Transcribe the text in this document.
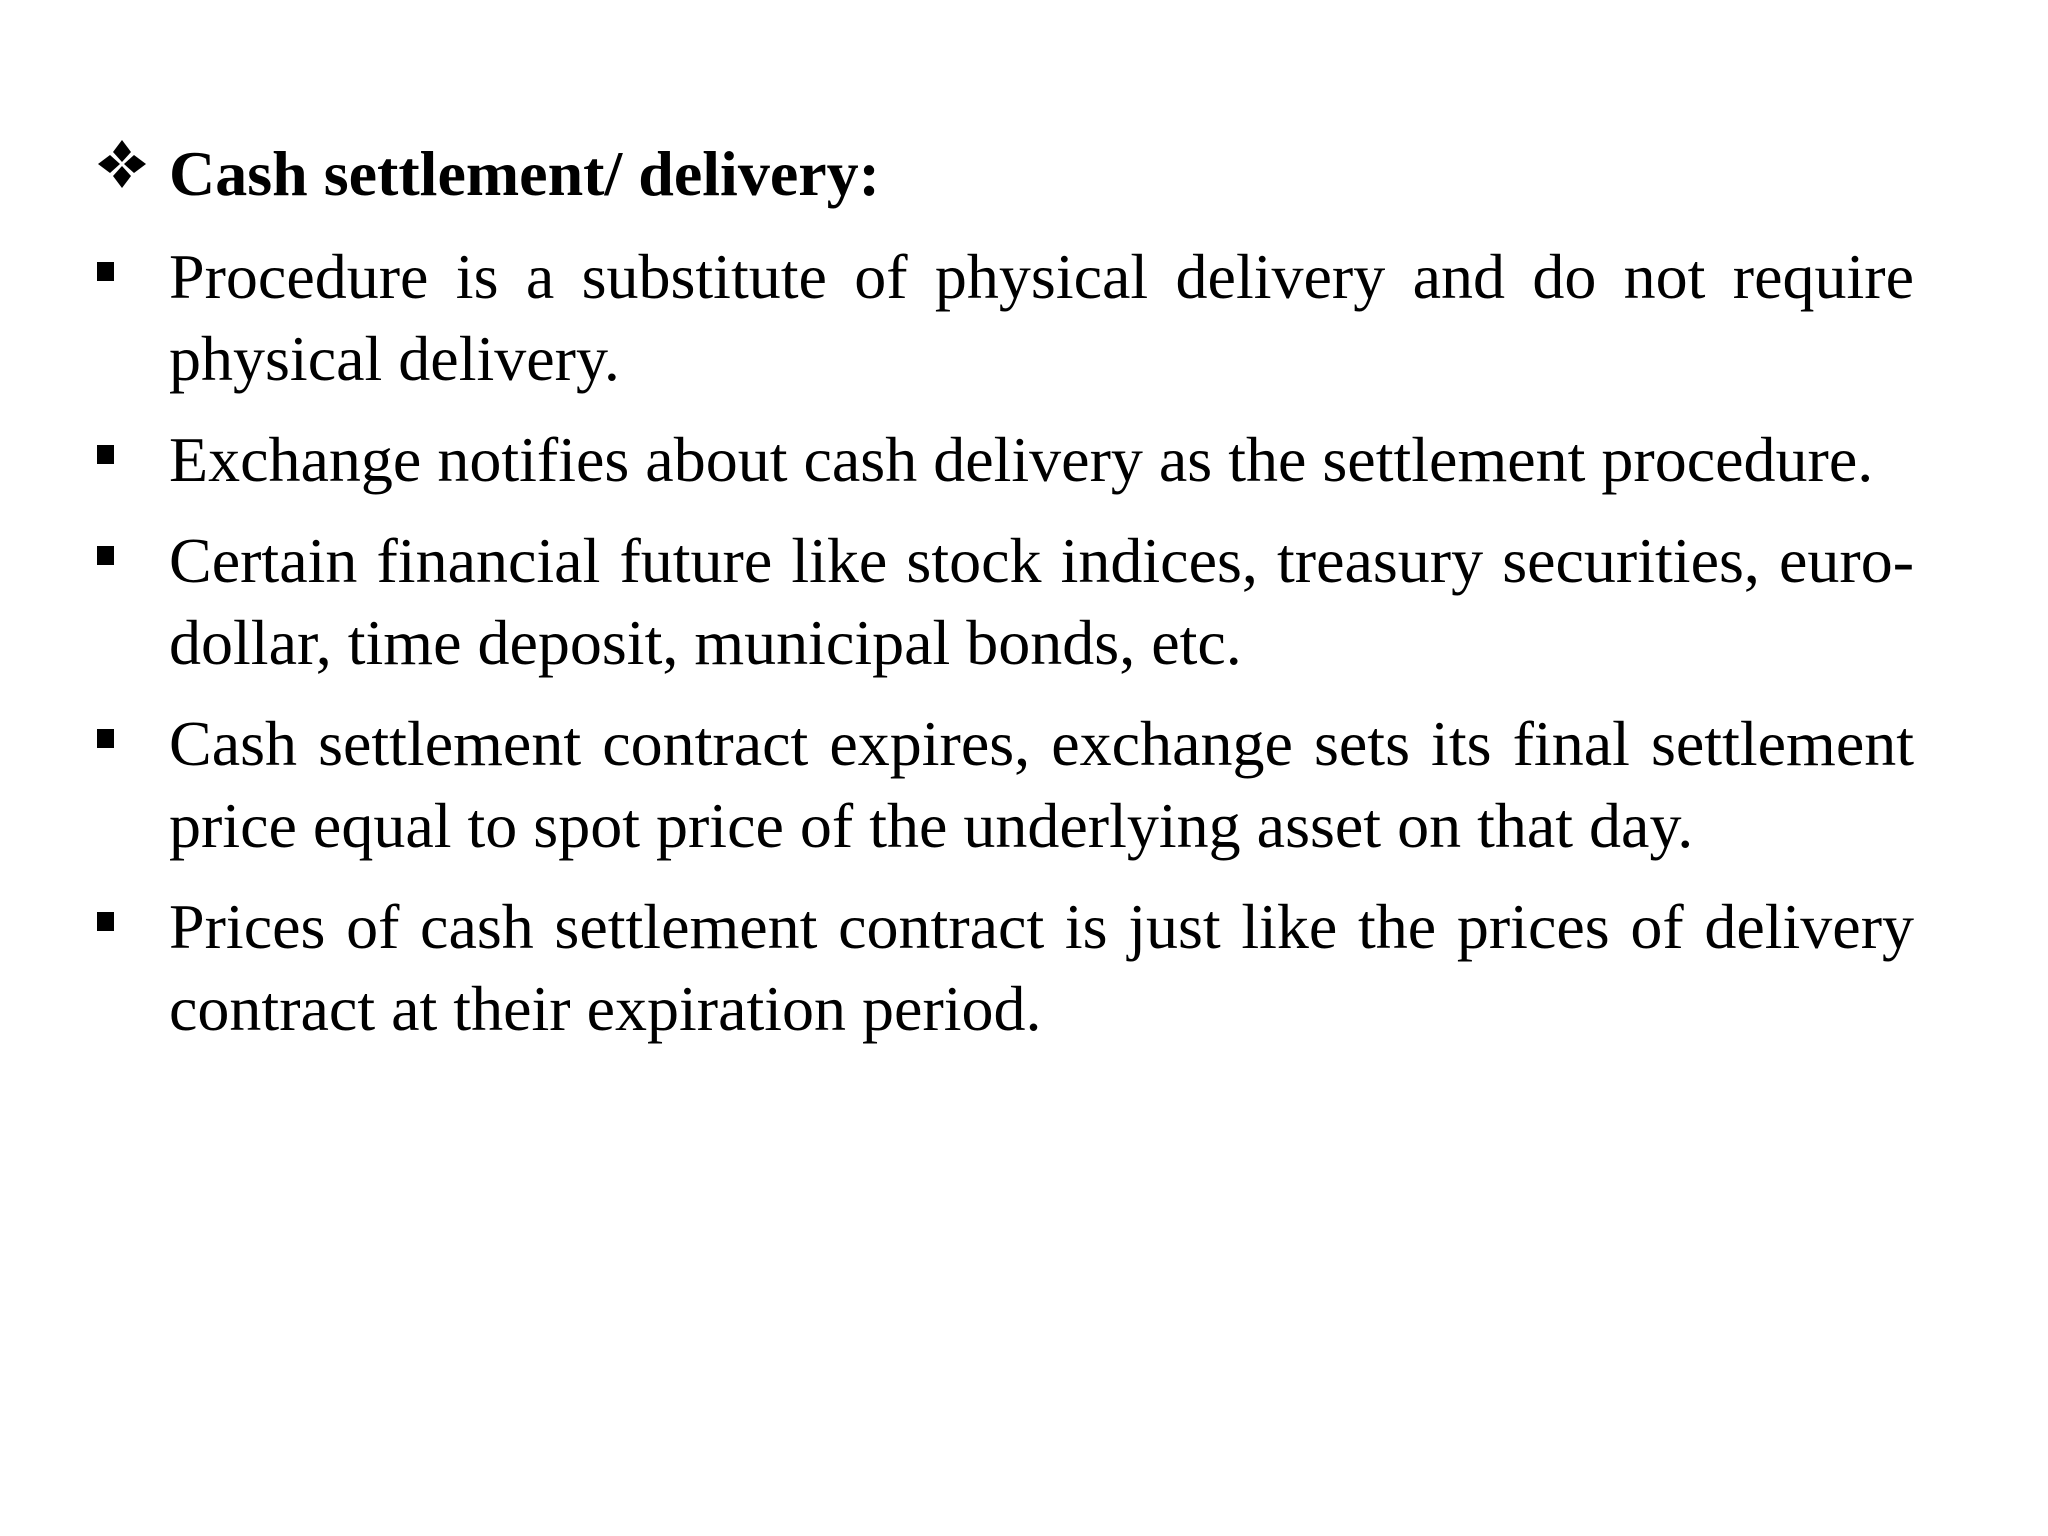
Cash settlement/ delivery:
Procedure is a substitute of physical delivery and do not require physical delivery.
Exchange notifies about cash delivery as the settlement procedure.
Certain financial future like stock indices, treasury securities, euro-dollar, time deposit, municipal bonds, etc.
Cash settlement contract expires, exchange sets its final settlement price equal to spot price of the underlying asset on that day.
Prices of cash settlement contract is just like the prices of delivery contract at their expiration period.
